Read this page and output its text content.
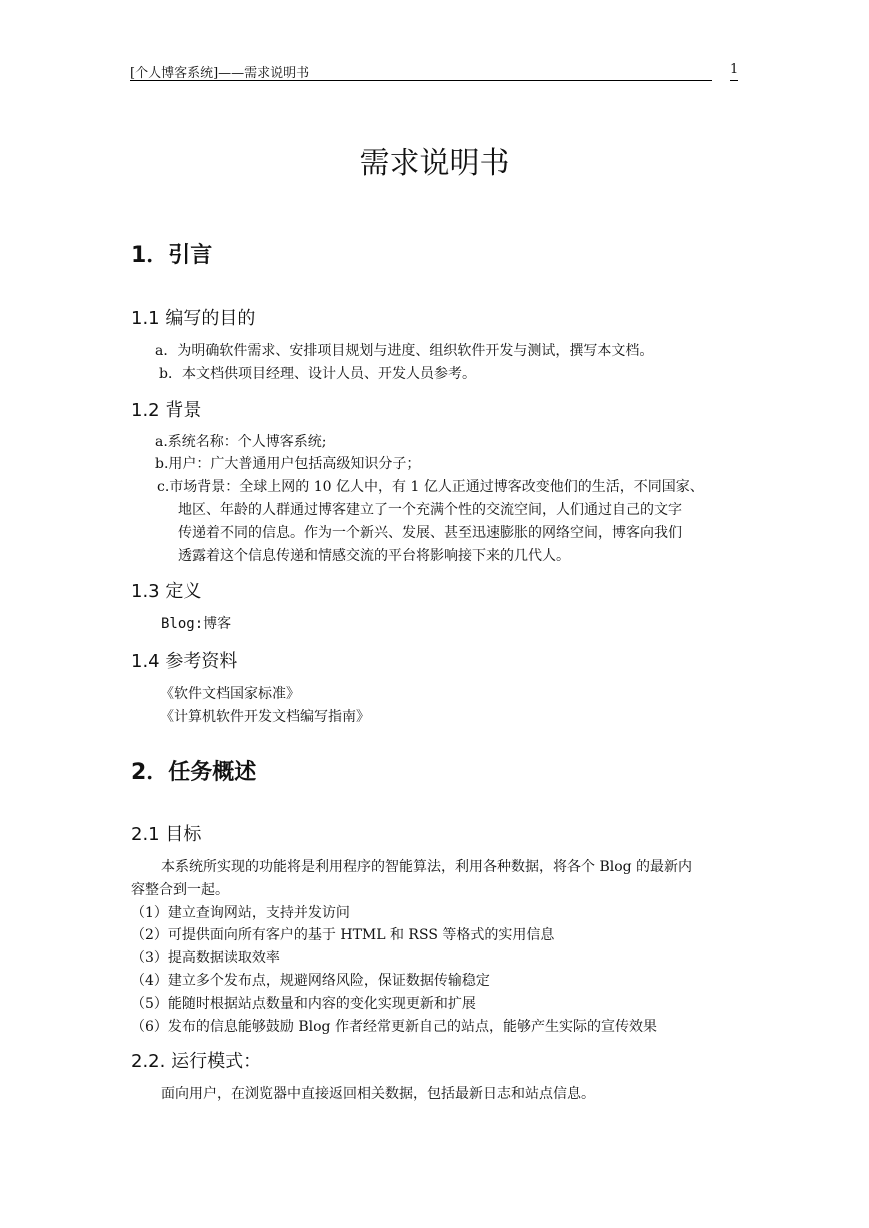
[个人博客系统]——需求说明书	1
需求说明书
1．引言
1.1 编写的目的
a．为明确软件需求、安排项目规划与进度、组织软件开发与测试，撰写本文档。
b．本文档供项目经理、设计人员、开发人员参考。
1.2 背景
a.系统名称：个人博客系统;
b.用户：广大普通用户包括高级知识分子；
c.市场背景：全球上网的 10 亿人中，有 1 亿人正通过博客改变他们的生活，不同国家、
地区、年龄的人群通过博客建立了一个充满个性的交流空间，人们通过自己的文字
传递着不同的信息。作为一个新兴、发展、甚至迅速膨胀的网络空间，博客向我们
透露着这个信息传递和情感交流的平台将影响接下来的几代人。
1.3 定义
Blog:博客
1.4 参考资料
《软件文档国家标准》
《计算机软件开发文档编写指南》
2．任务概述
2.1 目标
本系统所实现的功能将是利用程序的智能算法，利用各种数据，将各个 Blog 的最新内
容整合到一起。
（1）建立查询网站，支持并发访问
（2）可提供面向所有客户的基于 HTML 和 RSS 等格式的实用信息
（3）提高数据读取效率
（4）建立多个发布点，规避网络风险，保证数据传输稳定
（5）能随时根据站点数量和内容的变化实现更新和扩展
（6）发布的信息能够鼓励 Blog 作者经常更新自己的站点，能够产生实际的宣传效果
2.2. 运行模式：
面向用户，在浏览器中直接返回相关数据，包括最新日志和站点信息。
